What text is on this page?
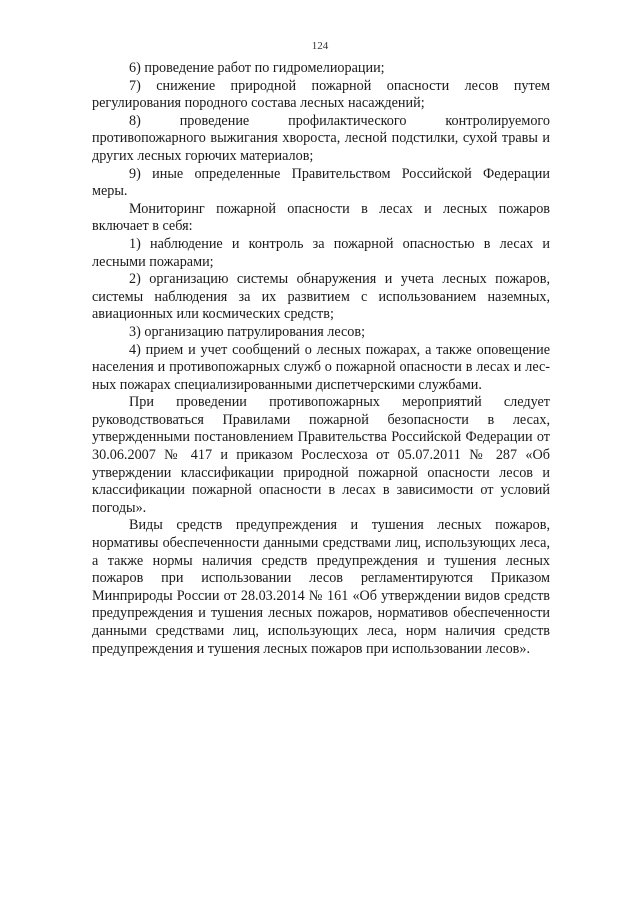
124

6) проведение работ по гидромелиорации;

7) снижение природной пожарной опасности лесов путем регулирования породного состава лесных насаждений;

8) проведение профилактического контролируемого противопожарного выжигания хвороста, лесной подстилки, сухой травы и других лесных горючих материалов;

9) иные определенные Правительством Российской Федерации меры.

Мониторинг пожарной опасности в лесах и лесных пожаров включает в себя:

1) наблюдение и контроль за пожарной опасностью в лесах и лесными пожарами;

2) организацию системы обнаружения и учета лесных пожаров, системы наблюдения за их развитием с использованием наземных, авиационных или космических средств;

3) организацию патрулирования лесов;

4) прием и учет сообщений о лесных пожарах, а также оповещение населения и противопожарных служб о пожарной опасности в лесах и лесных пожарах специализированными диспетчерскими службами.

При проведении противопожарных мероприятий следует руководствоваться Правилами пожарной безопасности в лесах, утвержденными постановлением Правительства Российской Федерации от 30.06.2007 № 417 и приказом Рослесхоза от 05.07.2011 № 287 «Об утверждении классификации природной пожарной опасности лесов и классификации пожарной опасности в лесах в зависимости от условий погоды».

Виды средств предупреждения и тушения лесных пожаров, нормативы обеспеченности данными средствами лиц, использующих леса, а также нормы наличия средств предупреждения и тушения лесных пожаров при использовании лесов регламентируются Приказом Минприроды России от 28.03.2014 № 161 «Об утверждении видов средств предупреждения и тушения лесных пожаров, нормативов обеспеченности данными средствами лиц, использующих леса, норм наличия средств предупреждения и тушения лесных пожаров при использовании лесов».
